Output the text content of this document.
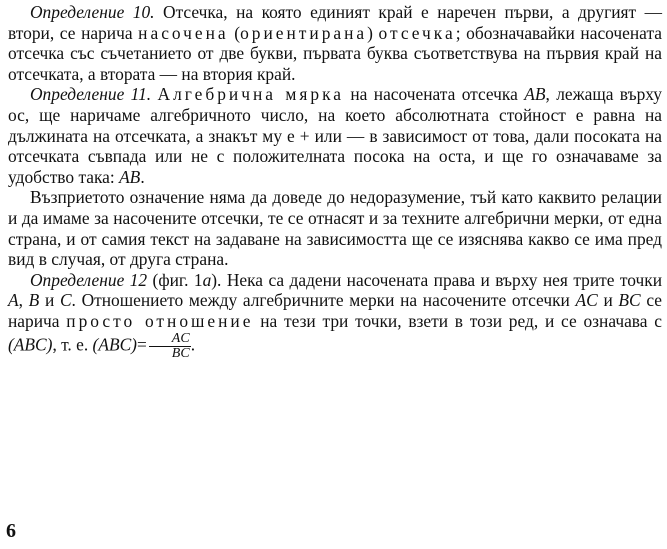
Определение 10. Отсечка, на която единият край е наречен първи, а другият — втори, се нарича насочена (ориентирана) отсечка; обозначавайки насочената отсечка със съчетанието от две букви, първата буква съответствува на първия край на отсечката, а втората — на втория край.

Определение 11. Алгебрична мярка на насочената отсечка AB, лежаща върху ос, ще наричаме алгебричното число, на което абсолютната стойност е равна на дължината на отсечката, а знакът му е + или — в зависимост от това, дали посоката на отсечката съвпада или не с положителната посока на оста, и ще го означаваме за удобство така: AB.

Възприетото означение няма да доведе до недоразумение, тъй като каквито релации и да имаме за насочените отсечки, те се отнасят и за техните алгебрични мерки, от една страна, и от самия текст на задаване на зависимостта ще се изяснява какво се има пред вид в случая, от друга страна.

Определение 12 (фиг. 1а). Нека са дадени насочената права и върху нея трите точки A, B и C. Отношението между алгебричните мерки на насочените отсечки AC и BC се нарича просто отношение на тези три точки, взети в този ред, и се означава с (ABC), т. е. $(ABC)= \frac{AC}{BC}$ .

6
